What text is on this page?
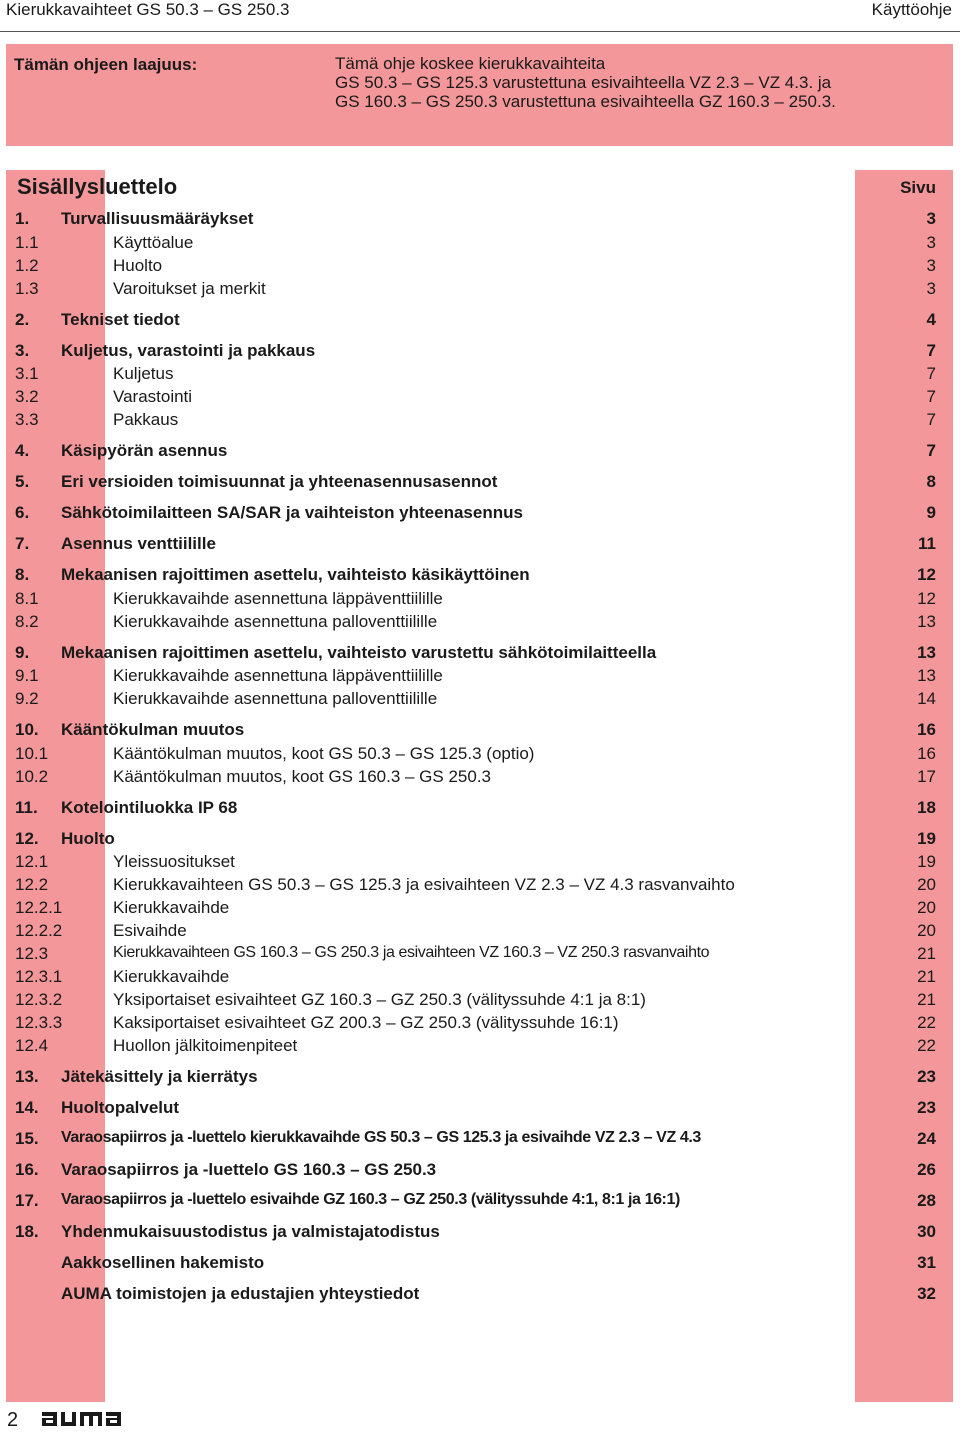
Kierukkavaihteet GS 50.3 – GS 250.3	Käyttöohje
Tämän ohjeen laajuus:	Tämä ohje koskee kierukkavaihteita
GS 50.3 – GS 125.3 varustettuna esivaihteella VZ 2.3 – VZ 4.3. ja
GS 160.3 – GS 250.3 varustettuna esivaihteella GZ 160.3 – 250.3.
Sisällysluettelo	Sivu
1. Turvallisuusmääräykset	3
1.1	Käyttöalue	3
1.2	Huolto	3
1.3	Varoitukset ja merkit	3
2. Tekniset tiedot	4
3. Kuljetus, varastointi ja pakkaus	7
3.1	Kuljetus	7
3.2	Varastointi	7
3.3	Pakkaus	7
4. Käsipyörän asennus	7
5. Eri versioiden toimisuunnat ja yhteenasennusasennot	8
6. Sähkötoimilaitteen SA/SAR ja vaihteiston yhteenasennus	9
7. Asennus venttiilille	11
8. Mekaanisen rajoittimen asettelu, vaihteisto käsikäyttöinen	12
8.1	Kierukkavaihde asennettuna läppäventtiilille	12
8.2	Kierukkavaihde asennettuna palloventtiilille	13
9. Mekaanisen rajoittimen asettelu, vaihteisto varustettu sähkötoimilaitteella	13
9.1	Kierukkavaihde asennettuna läppäventtiilille	13
9.2	Kierukkavaihde asennettuna palloventtiilille	14
10. Kääntökulman muutos	16
10.1	Kääntökulman muutos, koot GS 50.3 – GS 125.3 (optio)	16
10.2	Kääntökulman muutos, koot GS 160.3 – GS 250.3	17
11. Kotelointiluokka IP 68	18
12. Huolto	19
12.1	Yleissuositukset	19
12.2	Kierukkavaihteen GS 50.3 – GS 125.3 ja esivaihteen VZ 2.3 – VZ 4.3 rasvanvaihto	20
12.2.1	Kierukkavaihde	20
12.2.2	Esivaihde	20
12.3	Kierukkavaihteen GS 160.3 – GS 250.3 ja esivaihteen VZ 160.3 – VZ 250.3 rasvanvaihto	21
12.3.1	Kierukkavaihde	21
12.3.2	Yksiportaiset esivaihteet GZ 160.3 – GZ 250.3 (välityssuhde 4:1 ja 8:1)	21
12.3.3	Kaksiportaiset esivaihteet GZ 200.3 – GZ 250.3 (välityssuhde 16:1)	22
12.4	Huollon jälkitoimenpiteet	22
13. Jätekäsittely ja kierrätys	23
14. Huoltopalvelut	23
15. Varaosapiirros ja -luettelo kierukkavaihde GS 50.3 – GS 125.3 ja esivaihde VZ 2.3 – VZ 4.3	24
16. Varaosapiirros ja -luettelo GS 160.3 – GS 250.3	26
17. Varaosapiirros ja -luettelo esivaihde GZ 160.3 – GZ 250.3 (välityssuhde 4:1, 8:1 ja 16:1)	28
18. Yhdenmukaisuustodistus ja valmistajatodistus	30
Aakkosellinen hakemisto	31
AUMA toimistojen ja edustajien yhteystiedot	32
2
